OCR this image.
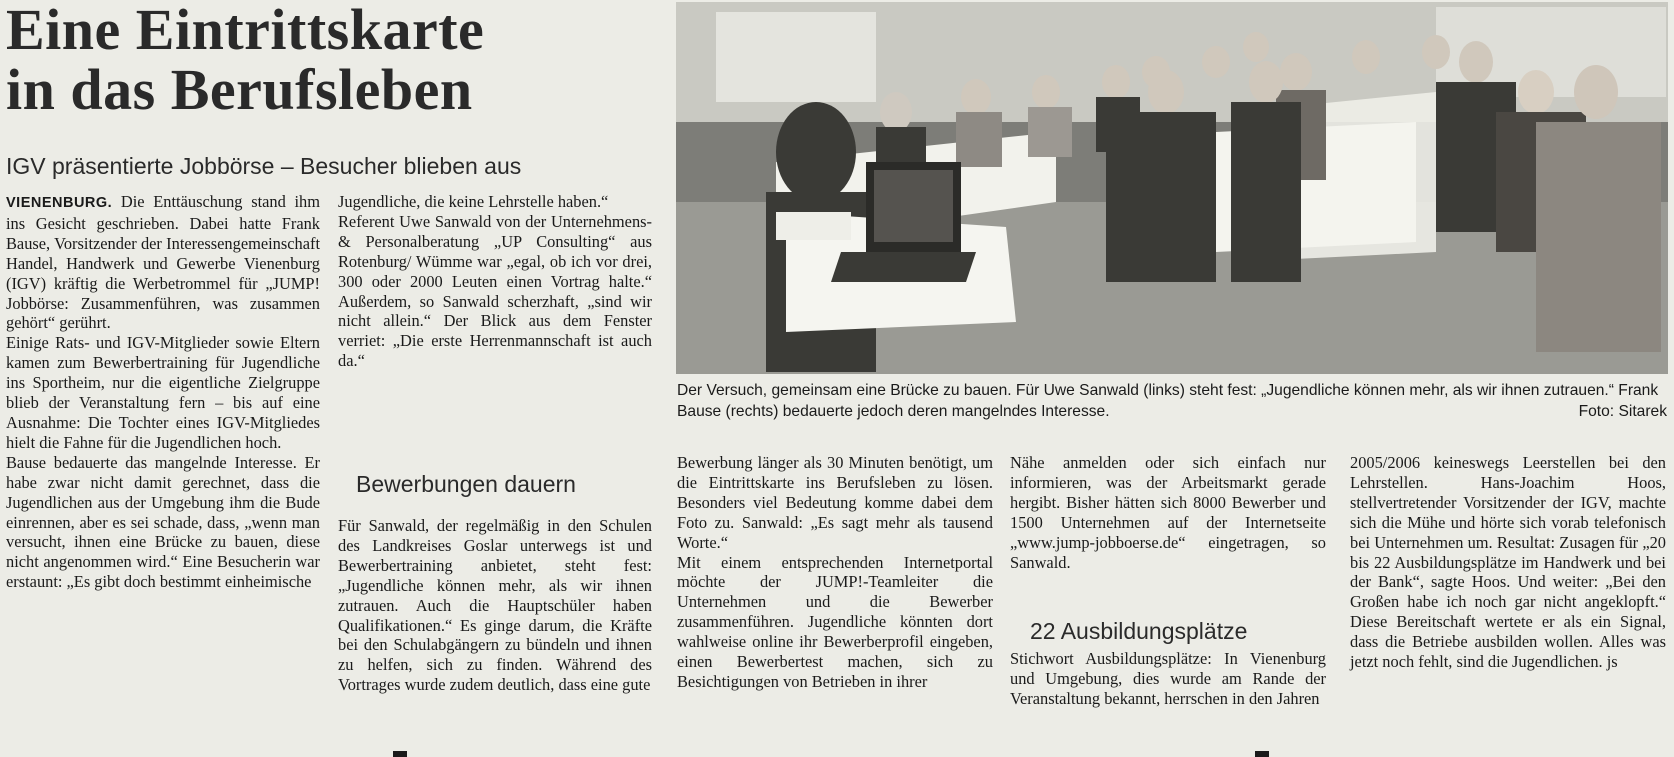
Eine Eintrittskarte
in das Berufsleben
IGV präsentierte Jobbörse – Besucher blieben aus
VIENENBURG. Die Enttäuschung stand ihm ins Gesicht geschrieben. Dabei hatte Frank Bause, Vorsitzender der Interessengemeinschaft Handel, Handwerk und Gewerbe Vienenburg (IGV) kräftig die Werbetrommel für „JUMP! Jobbörse: Zusammenführen, was zusammen gehört“ gerührt.
Einige Rats- und IGV-Mitglieder sowie Eltern kamen zum Bewerbertraining für Jugendliche ins Sportheim, nur die eigentliche Zielgruppe blieb der Veranstaltung fern – bis auf eine Ausnahme: Die Tochter eines IGV-Mitgliedes hielt die Fahne für die Jugendlichen hoch.
Bause bedauerte das mangelnde Interesse. Er habe zwar nicht damit gerechnet, dass die Jugendlichen aus der Umgebung ihm die Bude einrennen, aber es sei schade, dass, „wenn man versucht, ihnen eine Brücke zu bauen, diese nicht angenommen wird.“ Eine Besucherin war erstaunt: „Es gibt doch bestimmt einheimische
Jugendliche, die keine Lehrstelle haben.“
Referent Uwe Sanwald von der Unternehmens- & Personalberatung „UP Consulting“ aus Rotenburg/ Wümme war „egal, ob ich vor drei, 300 oder 2000 Leuten einen Vortrag halte.“ Außerdem, so Sanwald scherzhaft, „sind wir nicht allein.“ Der Blick aus dem Fenster verriet: „Die erste Herrenmannschaft ist auch da.“
Bewerbungen dauern
Für Sanwald, der regelmäßig in den Schulen des Landkreises Goslar unterwegs ist und Bewerbertraining anbietet, steht fest: „Jugendliche können mehr, als wir ihnen zutrauen. Auch die Hauptschüler haben Qualifikationen.“ Es ginge darum, die Kräfte bei den Schulabgängern zu bündeln und ihnen zu helfen, sich zu finden. Während des Vortrages wurde zudem deutlich, dass eine gute
Der Versuch, gemeinsam eine Brücke zu bauen. Für Uwe Sanwald (links) steht fest: „Jugendliche können mehr, als wir ihnen zutrauen.“ Frank Bause (rechts) bedauerte jedoch deren mangelndes Interesse.	Foto: Sitarek
Bewerbung länger als 30 Minuten benötigt, um die Eintrittskarte ins Berufsleben zu lösen. Besonders viel Bedeutung komme dabei dem Foto zu. Sanwald: „Es sagt mehr als tausend Worte.“
Mit einem entsprechenden Internetportal möchte der JUMP!-Teamleiter die Unternehmen und die Bewerber zusammenführen. Jugendliche könnten dort wahlweise online ihr Bewerberprofil eingeben, einen Bewerbertest machen, sich zu Besichtigungen von Betrieben in ihrer
Nähe anmelden oder sich einfach nur informieren, was der Arbeitsmarkt gerade hergibt. Bisher hätten sich 8000 Bewerber und 1500 Unternehmen auf der Internetseite „www.jump-jobboerse.de“ eingetragen, so Sanwald.
22 Ausbildungsplätze
Stichwort Ausbildungsplätze: In Vienenburg und Umgebung, dies wurde am Rande der Veranstaltung bekannt, herrschen in den Jahren
2005/2006 keineswegs Leerstellen bei den Lehrstellen. Hans-Joachim Hoos, stellvertretender Vorsitzender der IGV, machte sich die Mühe und hörte sich vorab telefonisch bei Unternehmen um. Resultat: Zusagen für „20 bis 22 Ausbildungsplätze im Handwerk und bei der Bank“, sagte Hoos. Und weiter: „Bei den Großen habe ich noch gar nicht angeklopft.“ Diese Bereitschaft wertete er als ein Signal, dass die Betriebe ausbilden wollen. Alles was jetzt noch fehlt, sind die Jugendlichen. js
